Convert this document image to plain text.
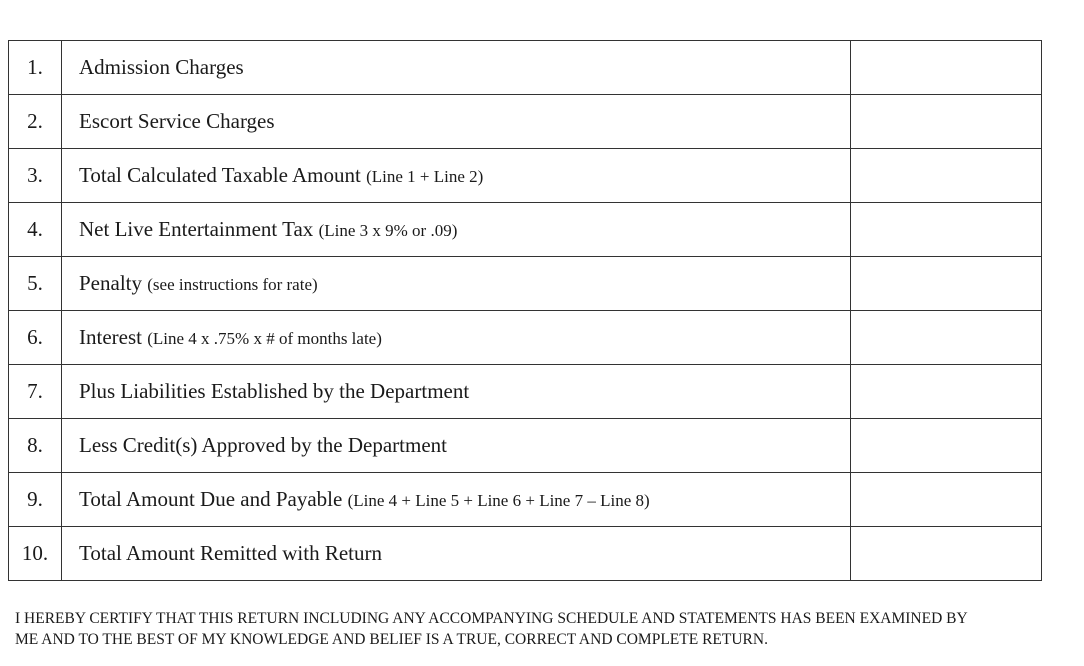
1.	Admission Charges	
2.	Escort Service Charges	
3.	Total Calculated Taxable Amount (Line 1 + Line 2)	
4.	Net Live Entertainment Tax (Line 3 x 9% or .09)	
5.	Penalty (see instructions for rate)	
6.	Interest (Line 4 x .75% x # of months late)	
7.	Plus Liabilities Established by the Department	
8.	Less Credit(s) Approved by the Department	
9.	Total Amount Due and Payable (Line 4 + Line 5 + Line 6 + Line 7 – Line 8)	
10.	Total Amount Remitted with Return	
I HEREBY CERTIFY THAT THIS RETURN INCLUDING ANY ACCOMPANYING SCHEDULE AND STATEMENTS HAS BEEN EXAMINED BY
ME AND TO THE BEST OF MY KNOWLEDGE AND BELIEF IS A TRUE, CORRECT AND COMPLETE RETURN.
